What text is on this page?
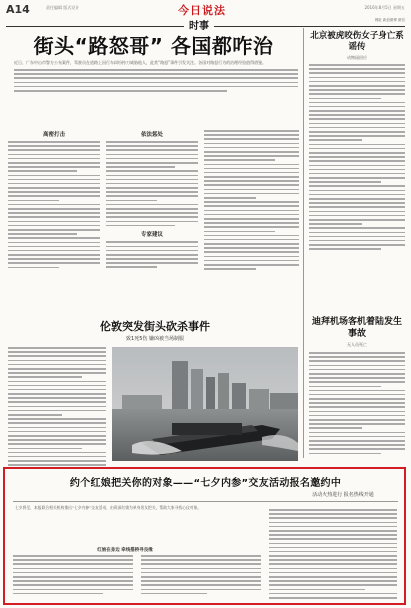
A14	责任编辑 版式设计	今日说法	2016年8月5日 星期五
时事
网址 新浪微博 微信
街头“路怒哥” 各国都咋治
近日，广东中山市警方公布案件，驾驶员在道路上因行车纠纷持刀威胁他人，此类“路怒”事件引发关注。各国对路怒行为的治理经验值得借鉴。
高密打击	依法惩处
专家建议
北京被虎咬伤女子身亡系谣传
动物园回应
迪拜机场客机着陆发生事故
无人员死亡
伦敦突发街头砍杀事件
致1死5伤 嫌凶被当场制服
约个红娘把关你的对象——“七夕内参”交友活动报名邀约中
活动火热进行 报名热线开通
七夕将至，本报联合相关机构推出“七夕内参”交友活动，由资深红娘为单身男女把关，帮助大家寻找心仪对象。
红娘在身边 牵线搭桥寻良缘
